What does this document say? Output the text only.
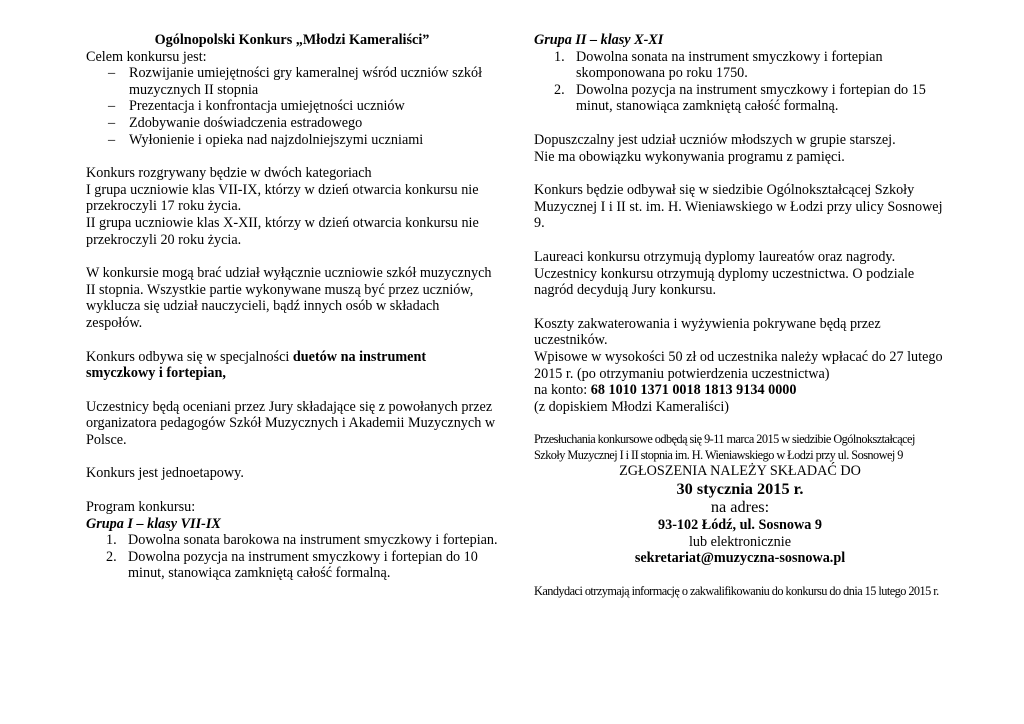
Ogólnopolski Konkurs „Młodzi Kameraliści”
Celem konkursu jest:
– Rozwijanie umiejętności gry kameralnej wśród uczniów szkół muzycznych II stopnia
– Prezentacja i konfrontacja umiejętności uczniów
– Zdobywanie doświadczenia estradowego
– Wyłonienie i opieka nad najzdolniejszymi uczniami
Konkurs rozgrywany będzie w dwóch kategoriach
I grupa uczniowie klas VII-IX, którzy w dzień otwarcia konkursu nie przekroczyli 17 roku życia.
II grupa uczniowie klas X-XII, którzy w dzień otwarcia konkursu nie przekroczyli 20 roku życia.
W konkursie mogą brać udział wyłącznie uczniowie szkół muzycznych II stopnia. Wszystkie partie wykonywane muszą być przez uczniów, wyklucza się udział nauczycieli, bądź innych osób w składach zespołów.
Konkurs odbywa się w specjalności duetów na instrument smyczkowy i fortepian,
Uczestnicy będą oceniani przez Jury składające się z powołanych przez organizatora pedagogów Szkół Muzycznych i Akademii Muzycznych w Polsce.
Konkurs jest jednoetapowy.
Program konkursu:
Grupa I – klasy VII-IX
1. Dowolna sonata barokowa na instrument smyczkowy i fortepian.
2. Dowolna pozycja na instrument smyczkowy i fortepian do 10 minut, stanowiąca zamkniętą całość formalną.
Grupa II – klasy X-XI
1. Dowolna sonata na instrument smyczkowy i fortepian skomponowana po roku 1750.
2. Dowolna pozycja na instrument smyczkowy i fortepian do 15 minut, stanowiąca zamkniętą całość formalną.
Dopuszczalny jest udział uczniów młodszych w grupie starszej.
Nie ma obowiązku wykonywania programu z pamięci.
Konkurs będzie odbywał się w siedzibie Ogólnokształcącej Szkoły Muzycznej I i II st. im. H. Wieniawskiego w Łodzi przy ulicy Sosnowej 9.
Laureaci konkursu otrzymują dyplomy laureatów oraz nagrody.
Uczestnicy konkursu otrzymują dyplomy uczestnictwa. O podziale nagród decydują Jury konkursu.
Koszty zakwaterowania i wyżywienia pokrywane będą przez uczestników.
Wpisowe w wysokości 50 zł od uczestnika należy wpłacać do 27 lutego 2015 r. (po otrzymaniu potwierdzenia uczestnictwa)
na konto: 68 1010 1371 0018 1813 9134 0000
(z dopiskiem Młodzi Kameraliści)
Przesłuchania konkursowe odbędą się 9-11 marca 2015 w siedzibie Ogólnokształcącej Szkoły Muzycznej I i II stopnia im. H. Wieniawskiego w Łodzi przy ul. Sosnowej 9
ZGŁOSZENIA NALEŻY SKŁADAĆ DO
30 stycznia 2015 r.
na adres:
93-102 Łódź, ul. Sosnowa 9
lub elektronicznie
sekretariat@muzyczna-sosnowa.pl
Kandydaci otrzymają informację o zakwalifikowaniu do konkursu do dnia 15 lutego 2015 r.
